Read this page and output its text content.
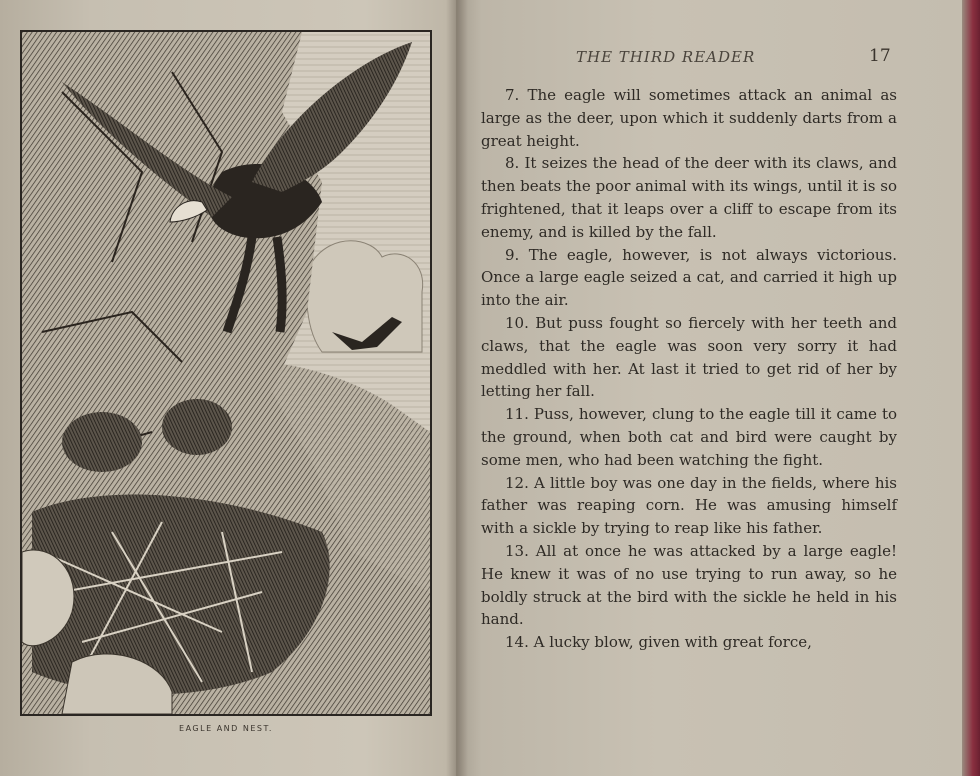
EAGLE AND NEST.
THE THIRD READER	17

7. The eagle will sometimes attack an animal as large as the deer, upon which it suddenly darts from a great height.

8. It seizes the head of the deer with its claws, and then beats the poor animal with its wings, until it is so frightened, that it leaps over a cliff to escape from its enemy, and is killed by the fall.

9. The eagle, however, is not always victorious. Once a large eagle seized a cat, and carried it high up into the air.

10. But puss fought so fiercely with her teeth and claws, that the eagle was soon very sorry it had meddled with her. At last it tried to get rid of her by letting her fall.

11. Puss, however, clung to the eagle till it came to the ground, when both cat and bird were caught by some men, who had been watching the fight.

12. A little boy was one day in the fields, where his father was reaping corn. He was amusing himself with a sickle by trying to reap like his father.

13. All at once he was attacked by a large eagle! He knew it was of no use trying to run away, so he boldly struck at the bird with the sickle he held in his hand.

14. A lucky blow, given with great force,
